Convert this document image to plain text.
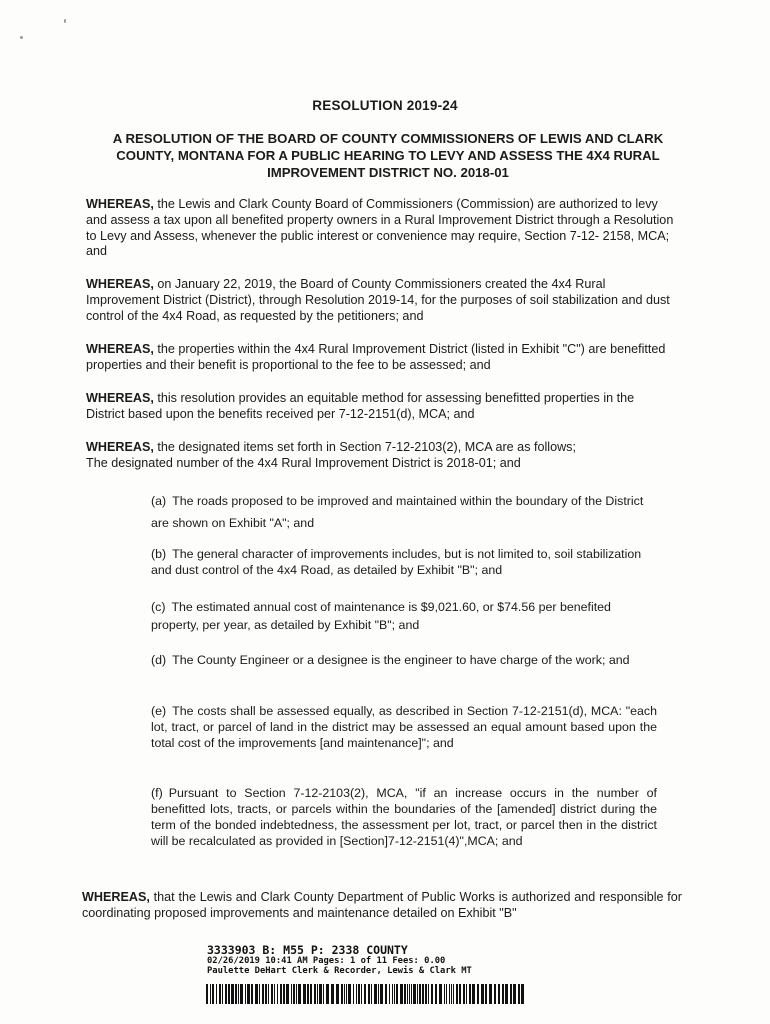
RESOLUTION 2019-24
A RESOLUTION OF THE BOARD OF COUNTY COMMISSIONERS OF LEWIS AND CLARK
COUNTY, MONTANA FOR A PUBLIC HEARING TO LEVY AND ASSESS THE 4X4 RURAL
IMPROVEMENT DISTRICT NO. 2018-01
WHEREAS, the Lewis and Clark County Board of Commissioners (Commission) are authorized to levy and assess a tax upon all benefited property owners in a Rural Improvement District through a Resolution to Levy and Assess, whenever the public interest or convenience may require, Section 7-12- 2158, MCA; and
WHEREAS, on January 22, 2019, the Board of County Commissioners created the 4x4 Rural Improvement District (District), through Resolution 2019-14, for the purposes of soil stabilization and dust control of the 4x4 Road, as requested by the petitioners; and
WHEREAS, the properties within the 4x4 Rural Improvement District (listed in Exhibit "C") are benefitted properties and their benefit is proportional to the fee to be assessed; and
WHEREAS, this resolution provides an equitable method for assessing benefitted properties in the District based upon the benefits received per 7-12-2151(d), MCA; and
WHEREAS, the designated items set forth in Section 7-12-2103(2), MCA are as follows;
The designated number of the 4x4 Rural Improvement District is 2018-01; and
(a) The roads proposed to be improved and maintained within the boundary of the District are shown on Exhibit "A"; and
(b) The general character of improvements includes, but is not limited to, soil stabilization and dust control of the 4x4 Road, as detailed by Exhibit "B"; and
(c) The estimated annual cost of maintenance is $9,021.60, or $74.56 per benefited property, per year, as detailed by Exhibit "B"; and
(d) The County Engineer or a designee is the engineer to have charge of the work; and
(e) The costs shall be assessed equally, as described in Section 7-12-2151(d), MCA: "each lot, tract, or parcel of land in the district may be assessed an equal amount based upon the total cost of the improvements [and maintenance]"; and
(f) Pursuant to Section 7-12-2103(2), MCA, "if an increase occurs in the number of benefitted lots, tracts, or parcels within the boundaries of the [amended] district during the term of the bonded indebtedness, the assessment per lot, tract, or parcel then in the district will be recalculated as provided in [Section]7-12-2151(4)",MCA; and
WHEREAS, that the Lewis and Clark County Department of Public Works is authorized and responsible for coordinating proposed improvements and maintenance detailed on Exhibit "B"
3333903 B: M55 P: 2338 COUNTY
02/26/2019 10:41 AM Pages: 1 of 11 Fees: 0.00
Paulette DeHart Clerk & Recorder, Lewis & Clark MT
